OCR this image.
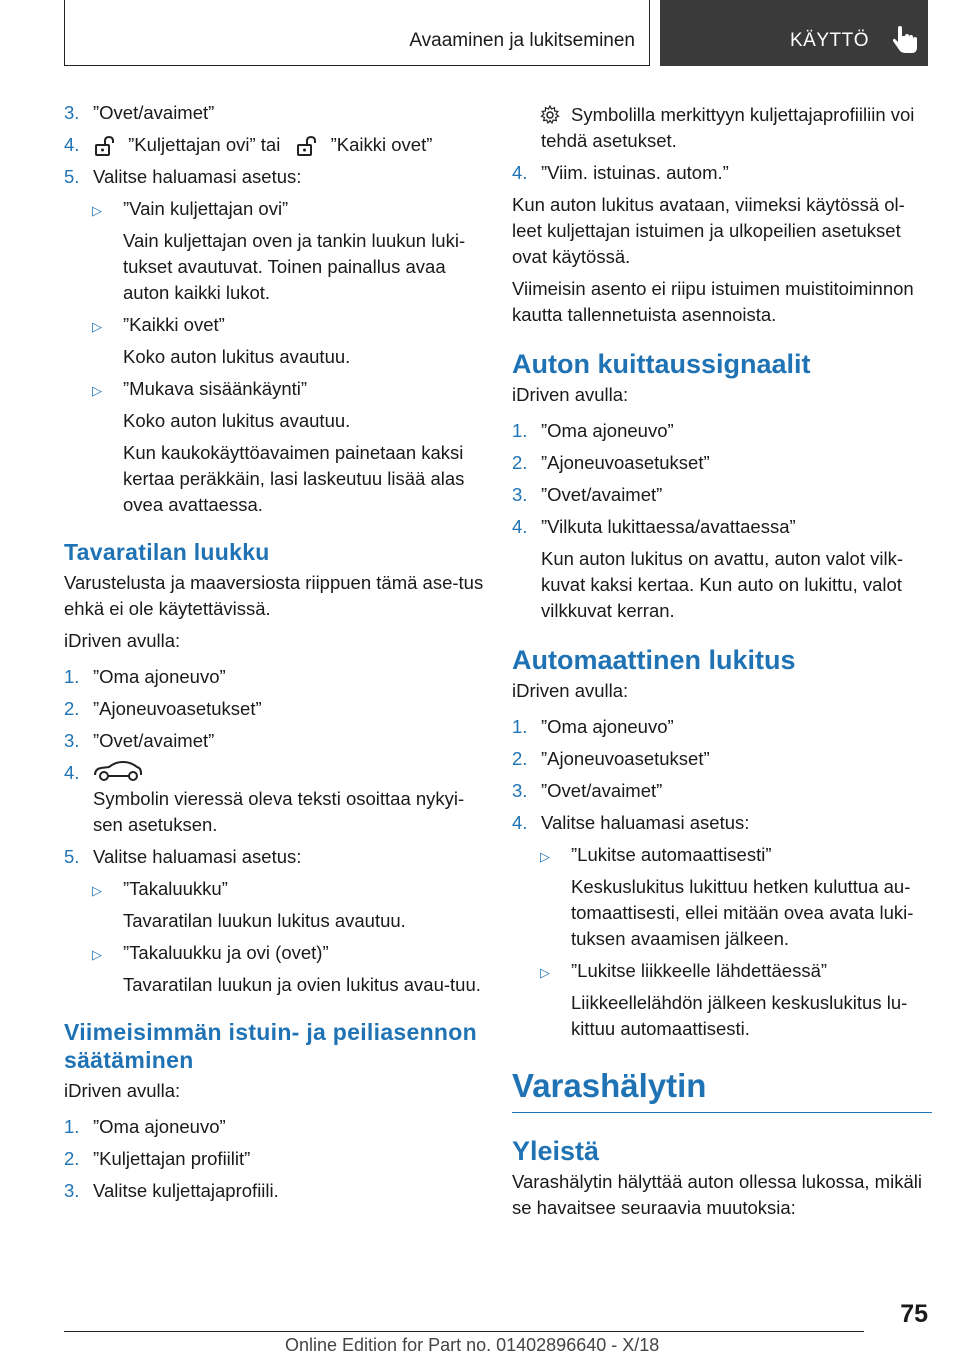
Avaaminen ja lukitseminen	KÄYTTÖ
3. ”Ovet/avaimet”
4.	”Kuljettajan ovi” tai	”Kaikki ovet”
5. Valitse haluamasi asetus:
▷ ”Vain kuljettajan ovi”
Vain kuljettajan oven ja tankin luukun luki-tukset avautuvat. Toinen painallus avaa auton kaikki lukot.
▷ ”Kaikki ovet”
Koko auton lukitus avautuu.
▷ ”Mukava sisäänkäynti”
Koko auton lukitus avautuu.
Kun kaukokäyttöavaimen painetaan kaksi kertaa peräkkäin, lasi laskeutuu lisää alas ovea avattaessa.
Tavaratilan luukku
Varustelusta ja maaversiosta riippuen tämä ase-tus ehkä ei ole käytettävissä.
iDriven avulla:
1. ”Oma ajoneuvo”
2. ”Ajoneuvoasetukset”
3. ”Ovet/avaimet”
4.
Symbolin vieressä oleva teksti osoittaa nykyi-sen asetuksen.
5. Valitse haluamasi asetus:
▷ ”Takaluukku”
Tavaratilan luukun lukitus avautuu.
▷ ”Takaluukku ja ovi (ovet)”
Tavaratilan luukun ja ovien lukitus avau-tuu.
Viimeisimmän istuin- ja peiliasennon säätäminen
iDriven avulla:
1. ”Oma ajoneuvo”
2. ”Kuljettajan profiilit”
3. Valitse kuljettajaprofiili.
Symbolilla merkittyyn kuljettajaprofiiliin voi tehdä asetukset.
4. ”Viim. istuinas. autom.”
Kun auton lukitus avataan, viimeksi käytössä ol-leet kuljettajan istuimen ja ulkopeilien asetukset ovat käytössä.
Viimeisin asento ei riipu istuimen muistitoiminnon kautta tallennetuista asennoista.
Auton kuittaussignaalit
iDriven avulla:
1. ”Oma ajoneuvo”
2. ”Ajoneuvoasetukset”
3. ”Ovet/avaimet”
4. ”Vilkuta lukittaessa/avattaessa”
Kun auton lukitus on avattu, auton valot vilk-kuvat kaksi kertaa. Kun auto on lukittu, valot vilkkuvat kerran.
Automaattinen lukitus
iDriven avulla:
1. ”Oma ajoneuvo”
2. ”Ajoneuvoasetukset”
3. ”Ovet/avaimet”
4. Valitse haluamasi asetus:
▷ ”Lukitse automaattisesti”
Keskuslukitus lukittuu hetken kuluttua au-tomaattisesti, ellei mitään ovea avata luki-tuksen avaamisen jälkeen.
▷ ”Lukitse liikkeelle lähdettäessä”
Liikkeellelähdön jälkeen keskuslukitus lu-kittuu automaattisesti.
Varashälytin
Yleistä
Varashälytin hälyttää auton ollessa lukossa, mikäli se havaitsee seuraavia muutoksia:
75
Online Edition for Part no. 01402896640 - X/18
